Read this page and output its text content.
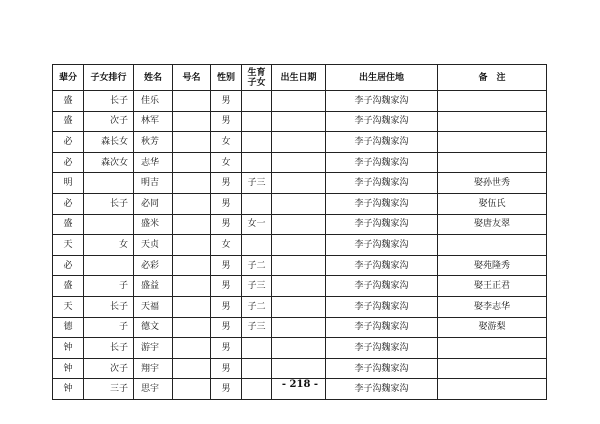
辈分	子女排行	姓名	号名	性别	生育子女	出生日期	出生居住地	备　注
盛	长子	佳乐		男			李子沟魏家沟	
盛	次子	林军		男			李子沟魏家沟	
必	森长女	秋芳		女			李子沟魏家沟	
必	森次女	志华		女			李子沟魏家沟	
明		明吉		男	子三		李子沟魏家沟	娶孙世秀
必	长子	必同		男			李子沟魏家沟	娶伍氏
盛		盛米		男	女一		李子沟魏家沟	娶唐友翠
天	女	天贞		女			李子沟魏家沟	
必		必彩		男	子二		李子沟魏家沟	娶苑隆秀
盛	子	盛益		男	子三		李子沟魏家沟	娶王正君
天	长子	天福		男	子二		李子沟魏家沟	娶李志华
德	子	德文		男	子三		李子沟魏家沟	娶游梨
钟	长子	游宇		男			李子沟魏家沟	
钟	次子	翔宇		男			李子沟魏家沟	
钟	三子	思宇		男			李子沟魏家沟	
- 218 -
